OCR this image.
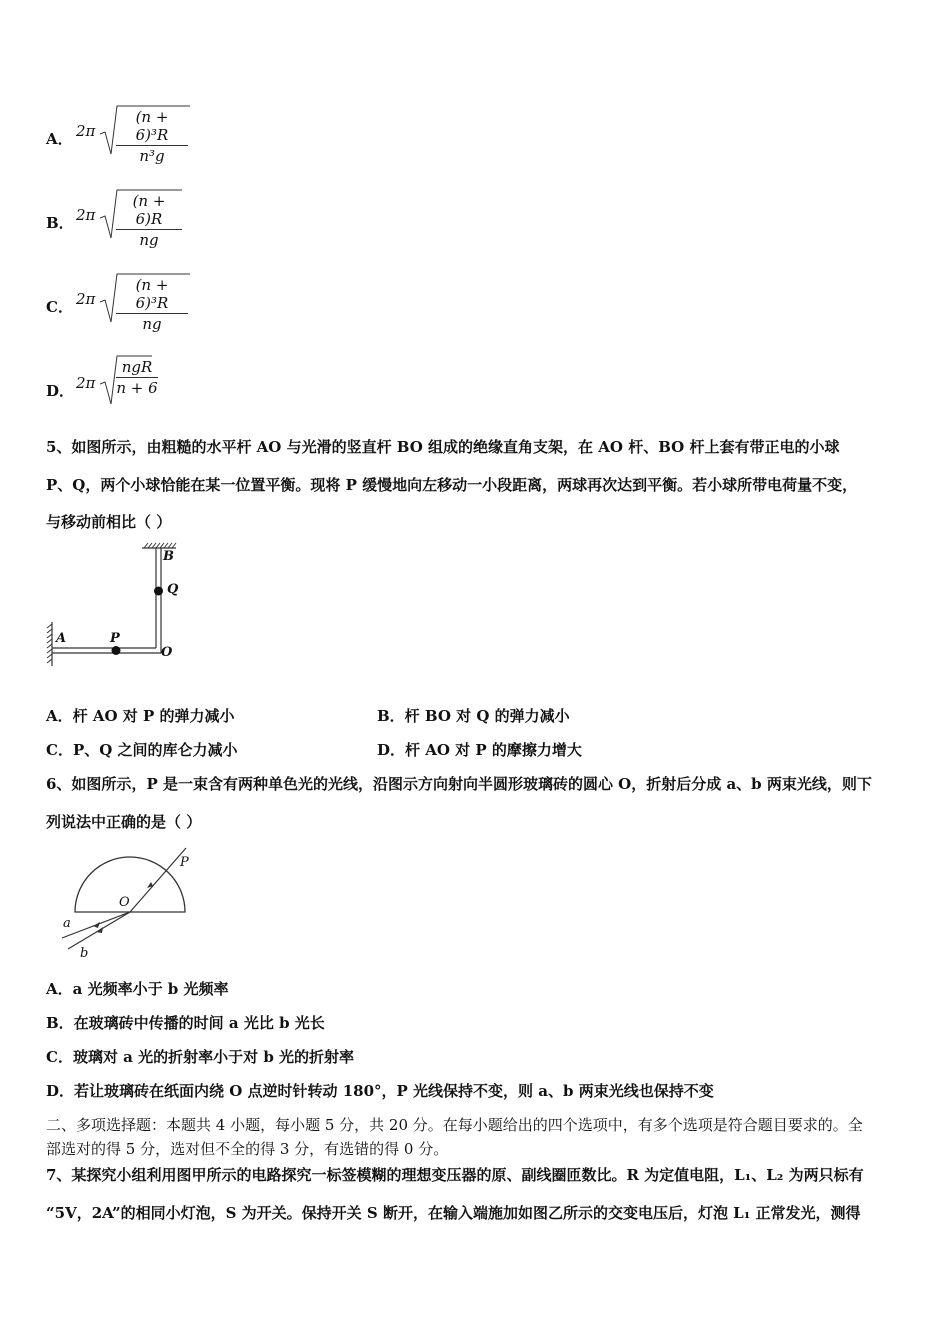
A． 2π
(n + 6)³R
n³g
B． 2π
(n + 6)R
ng
C． 2π
(n + 6)³R
ng
D． 2π
ngR
n + 6
5、如图所示，由粗糙的水平杆 AO 与光滑的竖直杆 BO 组成的绝缘直角支架，在 AO 杆、BO 杆上套有带正电的小球
P、Q，两个小球恰能在某一位置平衡。现将 P 缓慢地向左移动一小段距离，两球再次达到平衡。若小球所带电荷量不变，
与移动前相比（ ）
B
Q
A	P
O
A．杆 AO 对 P 的弹力减小	B．杆 BO 对 Q 的弹力减小
C．P、Q 之间的库仑力减小	D．杆 AO 对 P 的摩擦力增大
6、如图所示，P 是一束含有两种单色光的光线，沿图示方向射向半圆形玻璃砖的圆心 O，折射后分成 a、b 两束光线，则下
列说法中正确的是（ ）
P
O
a
b
A．a 光频率小于 b 光频率
B．在玻璃砖中传播的时间 a 光比 b 光长
C．玻璃对 a 光的折射率小于对 b 光的折射率
D．若让玻璃砖在纸面内绕 O 点逆时针转动 180°，P 光线保持不变，则 a、b 两束光线也保持不变
二、多项选择题：本题共 4 小题，每小题 5 分，共 20 分。在每小题给出的四个选项中，有多个选项是符合题目要求的。全
部选对的得 5 分，选对但不全的得 3 分，有选错的得 0 分。
7、某探究小组利用图甲所示的电路探究一标签模糊的理想变压器的原、副线圈匝数比。R 为定值电阻，L₁、L₂ 为两只标有
“5V，2A”的相同小灯泡，S 为开关。保持开关 S 断开，在输入端施加如图乙所示的交变电压后，灯泡 L₁ 正常发光，测得
